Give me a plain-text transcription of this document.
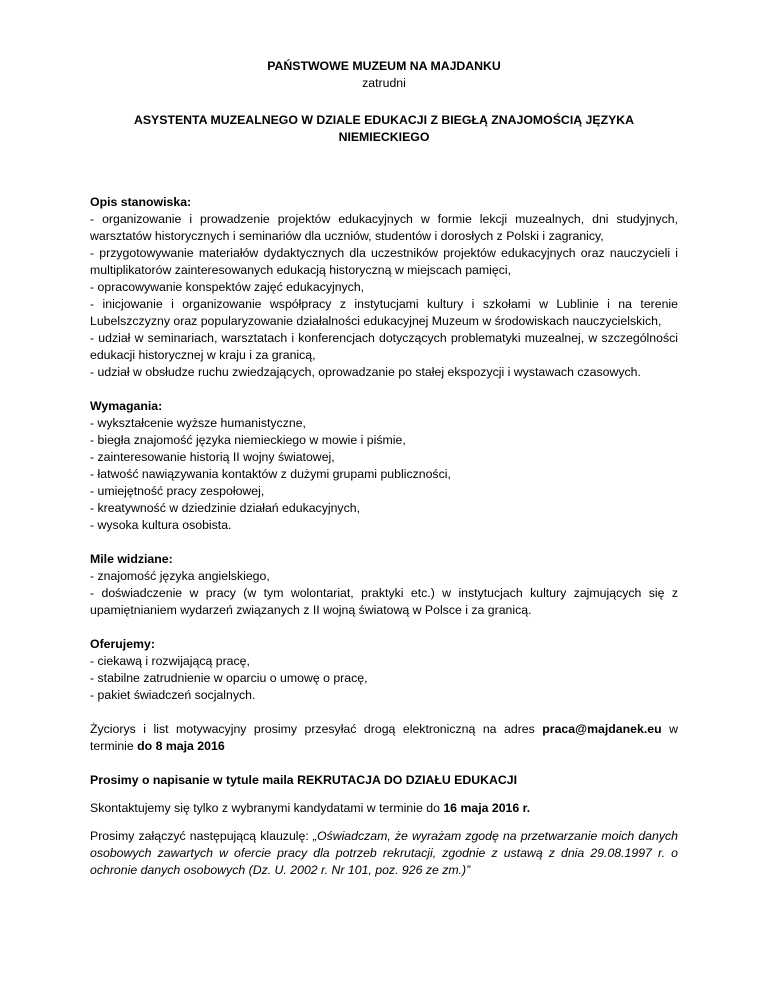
PAŃSTWOWE MUZEUM NA MAJDANKU

zatrudni

ASYSTENTA MUZEALNEGO W DZIALE EDUKACJI Z BIEGŁĄ ZNAJOMOŚCIĄ JĘZYKA NIEMIECKIEGO

Opis stanowiska:

- organizowanie i prowadzenie projektów edukacyjnych w formie lekcji muzealnych, dni studyjnych, warsztatów historycznych i seminariów dla uczniów, studentów i dorosłych z Polski i zagranicy,
- przygotowywanie materiałów dydaktycznych dla uczestników projektów edukacyjnych oraz nauczycieli i multiplikatorów zainteresowanych edukacją historyczną w miejscach pamięci,
- opracowywanie konspektów zajęć edukacyjnych,
- inicjowanie i organizowanie współpracy z instytucjami kultury i szkołami w Lublinie i na terenie Lubelszczyzny oraz popularyzowanie działalności edukacyjnej Muzeum w środowiskach nauczycielskich,
- udział w seminariach, warsztatach i konferencjach dotyczących problematyki muzealnej, w szczególności edukacji historycznej w kraju i za granicą,
- udział w obsłudze ruchu zwiedzających, oprowadzanie po stałej ekspozycji i wystawach czasowych.

Wymagania:

- wykształcenie wyższe humanistyczne,
- biegła znajomość języka niemieckiego w mowie i piśmie,
- zainteresowanie historią II wojny światowej,
- łatwość nawiązywania kontaktów z dużymi grupami publiczności,
- umiejętność pracy zespołowej,
- kreatywność w dziedzinie działań edukacyjnych,
- wysoka kultura osobista.

Mile widziane:

- znajomość języka angielskiego,
- doświadczenie w pracy (w tym wolontariat, praktyki etc.) w instytucjach kultury zajmujących się z upamiętnianiem wydarzeń związanych z II wojną światową w Polsce i za granicą.

Oferujemy:

- ciekawą i rozwijającą pracę,
- stabilne zatrudnienie w oparciu o umowę o pracę,
- pakiet świadczeń socjalnych.

Życiorys i list motywacyjny prosimy przesyłać drogą elektroniczną na adres praca@majdanek.eu w terminie do 8 maja 2016

Prosimy o napisanie w tytule maila REKRUTACJA DO DZIAŁU EDUKACJI

Skontaktujemy się tylko z wybranymi kandydatami w terminie do 16 maja 2016 r.

Prosimy załączyć następującą klauzulę: „Oświadczam, że wyrażam zgodę na przetwarzanie moich danych osobowych zawartych w ofercie pracy dla potrzeb rekrutacji, zgodnie z ustawą z dnia 29.08.1997 r. o ochronie danych osobowych (Dz. U. 2002 r. Nr 101, poz. 926 ze zm.)”
